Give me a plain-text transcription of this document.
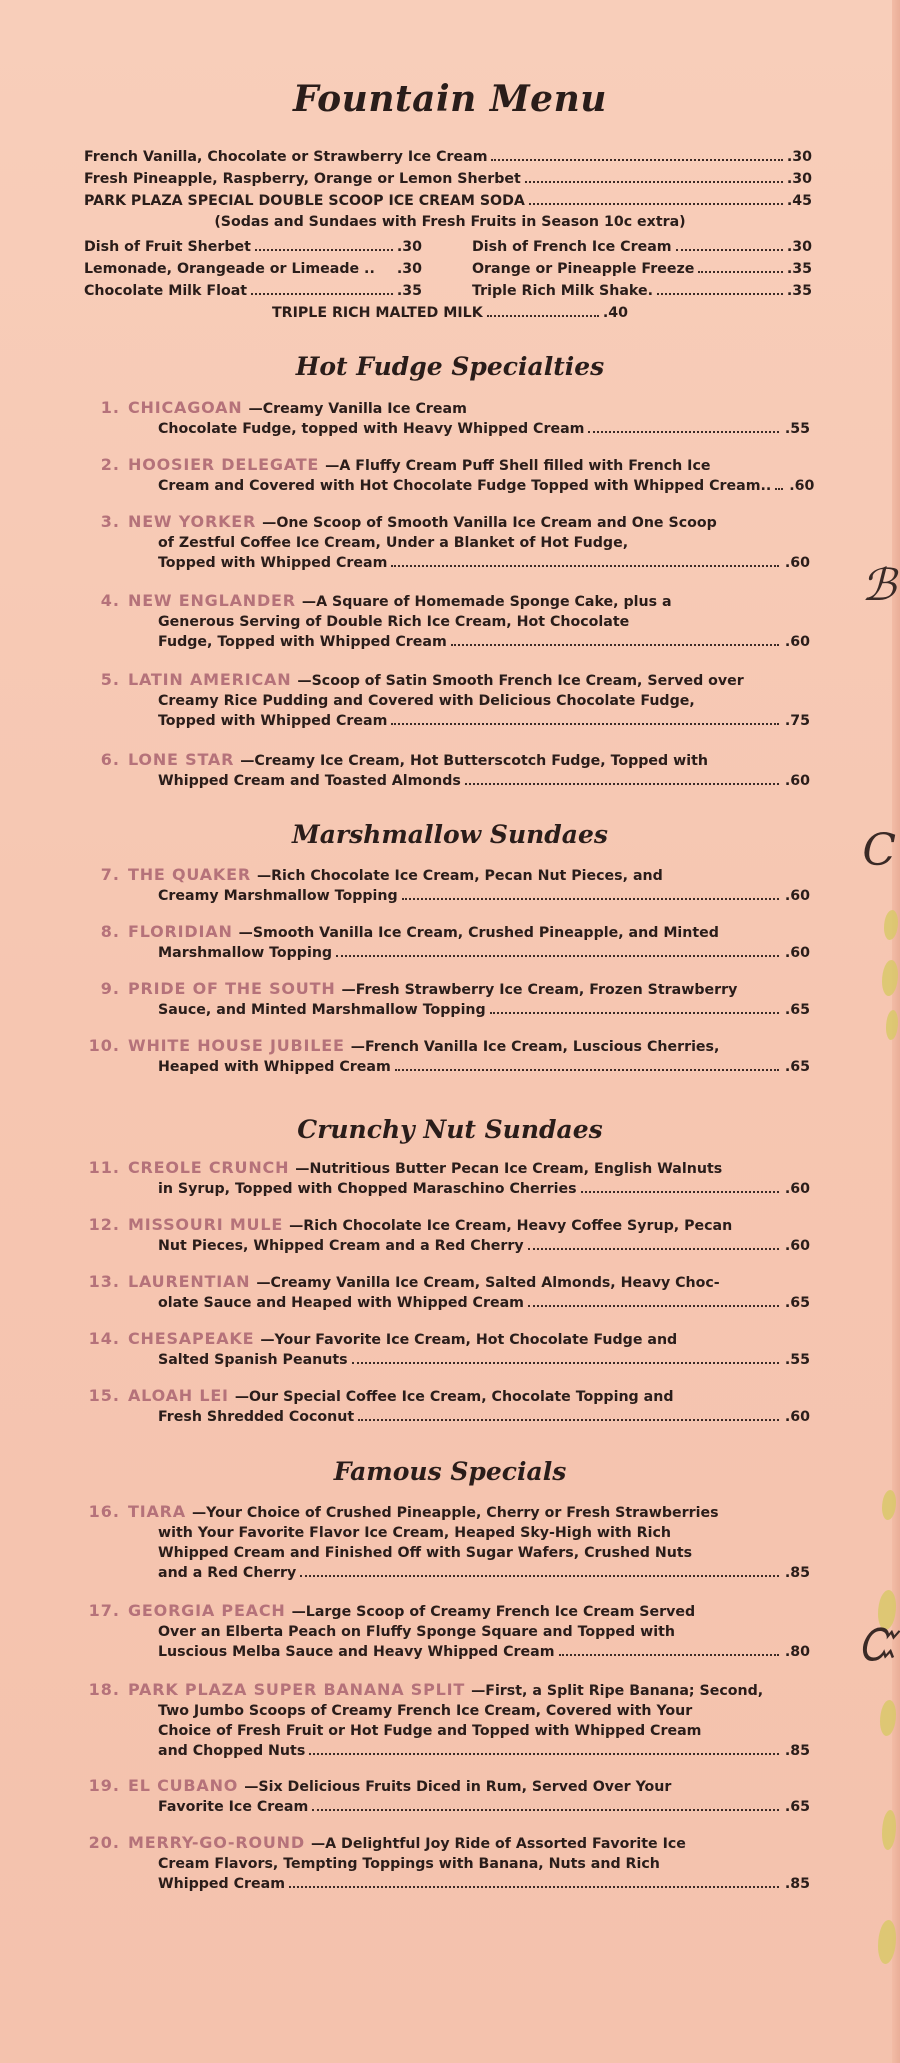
ℬ
C
Ꮸ
Fountain Menu
French Vanilla, Chocolate or Strawberry Ice Cream	.30
Fresh Pineapple, Raspberry, Orange or Lemon Sherbet	.30
PARK PLAZA SPECIAL DOUBLE SCOOP ICE CREAM SODA	.45
(Sodas and Sundaes with Fresh Fruits in Season 10c extra)
Dish of Fruit Sherbet	.30
Lemonade, Orangeade or Limeade .. .30
Chocolate Milk Float	.35
Dish of French Ice Cream	.30
Orange or Pineapple Freeze	.35
Triple Rich Milk Shake.	.35
TRIPLE RICH MALTED MILK	.40
Hot Fudge Specialties
1. CHICAGOAN —Creamy Vanilla Ice Cream
Chocolate Fudge, topped with Heavy Whipped Cream	.55
2. HOOSIER DELEGATE —A Fluffy Cream Puff Shell filled with French Ice
Cream and Covered with Hot Chocolate Fudge Topped with Whipped Cream.. .60
3. NEW YORKER —One Scoop of Smooth Vanilla Ice Cream and One Scoop
of Zestful Coffee Ice Cream, Under a Blanket of Hot Fudge,
Topped with Whipped Cream	.60
4. NEW ENGLANDER —A Square of Homemade Sponge Cake, plus a
Generous Serving of Double Rich Ice Cream, Hot Chocolate
Fudge, Topped with Whipped Cream	.60
5. LATIN AMERICAN —Scoop of Satin Smooth French Ice Cream, Served over
Creamy Rice Pudding and Covered with Delicious Chocolate Fudge,
Topped with Whipped Cream	.75
6. LONE STAR —Creamy Ice Cream, Hot Butterscotch Fudge, Topped with
Whipped Cream and Toasted Almonds	.60
Marshmallow Sundaes
7. THE QUAKER —Rich Chocolate Ice Cream, Pecan Nut Pieces, and
Creamy Marshmallow Topping	.60
8. FLORIDIAN —Smooth Vanilla Ice Cream, Crushed Pineapple, and Minted
Marshmallow Topping	.60
9. PRIDE OF THE SOUTH —Fresh Strawberry Ice Cream, Frozen Strawberry
Sauce, and Minted Marshmallow Topping	.65
10. WHITE HOUSE JUBILEE —French Vanilla Ice Cream, Luscious Cherries,
Heaped with Whipped Cream	.65
Crunchy Nut Sundaes
11. CREOLE CRUNCH —Nutritious Butter Pecan Ice Cream, English Walnuts
in Syrup, Topped with Chopped Maraschino Cherries	.60
12. MISSOURI MULE —Rich Chocolate Ice Cream, Heavy Coffee Syrup, Pecan
Nut Pieces, Whipped Cream and a Red Cherry	.60
13. LAURENTIAN —Creamy Vanilla Ice Cream, Salted Almonds, Heavy Choc-
olate Sauce and Heaped with Whipped Cream	.65
14. CHESAPEAKE —Your Favorite Ice Cream, Hot Chocolate Fudge and
Salted Spanish Peanuts	.55
15. ALOAH LEI —Our Special Coffee Ice Cream, Chocolate Topping and
Fresh Shredded Coconut	.60
Famous Specials
16. TIARA —Your Choice of Crushed Pineapple, Cherry or Fresh Strawberries
with Your Favorite Flavor Ice Cream, Heaped Sky-High with Rich
Whipped Cream and Finished Off with Sugar Wafers, Crushed Nuts
and a Red Cherry	.85
17. GEORGIA PEACH —Large Scoop of Creamy French Ice Cream Served
Over an Elberta Peach on Fluffy Sponge Square and Topped with
Luscious Melba Sauce and Heavy Whipped Cream	.80
18. PARK PLAZA SUPER BANANA SPLIT —First, a Split Ripe Banana; Second,
Two Jumbo Scoops of Creamy French Ice Cream, Covered with Your
Choice of Fresh Fruit or Hot Fudge and Topped with Whipped Cream
and Chopped Nuts	.85
19. EL CUBANO —Six Delicious Fruits Diced in Rum, Served Over Your
Favorite Ice Cream	.65
20. MERRY-GO-ROUND —A Delightful Joy Ride of Assorted Favorite Ice
Cream Flavors, Tempting Toppings with Banana, Nuts and Rich
Whipped Cream	.85
